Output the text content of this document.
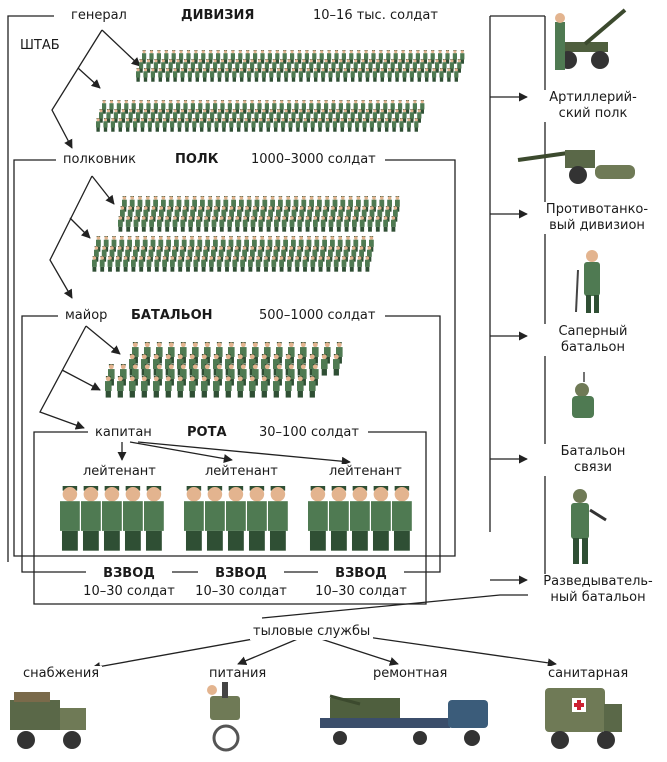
генерал	ДИВИЗИЯ	10–16 тыс. солдат
ШТАБ
полковник	ПОЛК	1000–3000 солдат
майор БАТАЛЬОН	500–1000 солдат
капитан	РОТА 30–100 солдат
лейтенант	лейтенант	лейтенант
ВЗВОД
10–30 солдат
ВЗВОД
10–30 солдат
ВЗВОД
10–30 солдат
Артиллерий-
ский полк
Противотанко-
вый дивизион
Саперный
батальон
Батальон
связи
Разведыватель-
ный батальон
тыловые службы
снабжения	питания	ремонтная	санитарная
